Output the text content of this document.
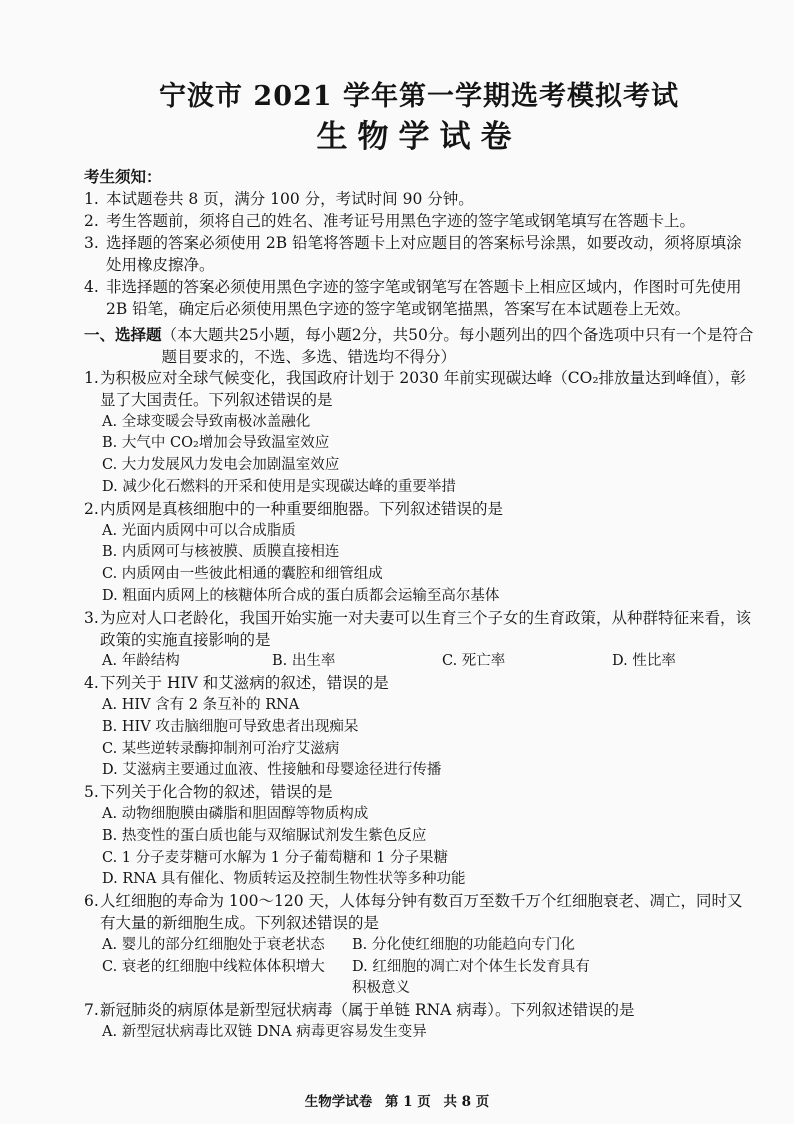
宁波市 2021 学年第一学期选考模拟考试
生物学试卷
考生须知：
1. 本试题卷共 8 页，满分 100 分，考试时间 90 分钟。
2. 考生答题前，须将自己的姓名、准考证号用黑色字迹的签字笔或钢笔填写在答题卡上。
3. 选择题的答案必须使用 2B 铅笔将答题卡上对应题目的答案标号涂黑，如要改动，须将原填涂处用橡皮擦净。
4. 非选择题的答案必须使用黑色字迹的签字笔或钢笔写在答题卡上相应区域内，作图时可先使用 2B 铅笔，确定后必须使用黑色字迹的签字笔或钢笔描黑，答案写在本试题卷上无效。
一、选择题 （本大题共25小题，每小题2分，共50分。每小题列出的四个备选项中只有一个是符合题目要求的，不选、多选、错选均不得分）
1. 为积极应对全球气候变化，我国政府计划于 2030 年前实现碳达峰（CO₂排放量达到峰值），彰显了大国责任。下列叙述错误的是
A. 全球变暖会导致南极冰盖融化
B. 大气中 CO₂增加会导致温室效应
C. 大力发展风力发电会加剧温室效应
D. 减少化石燃料的开采和使用是实现碳达峰的重要举措
2. 内质网是真核细胞中的一种重要细胞器。下列叙述错误的是
A. 光面内质网中可以合成脂质
B. 内质网可与核被膜、质膜直接相连
C. 内质网由一些彼此相通的囊腔和细管组成
D. 粗面内质网上的核糖体所合成的蛋白质都会运输至高尔基体
3. 为应对人口老龄化，我国开始实施一对夫妻可以生育三个子女的生育政策，从种群特征来看，该政策的实施直接影响的是
A. 年龄结构	B. 出生率	C. 死亡率	D. 性比率
4. 下列关于 HIV 和艾滋病的叙述，错误的是
A. HIV 含有 2 条互补的 RNA
B. HIV 攻击脑细胞可导致患者出现痴呆
C. 某些逆转录酶抑制剂可治疗艾滋病
D. 艾滋病主要通过血液、性接触和母婴途径进行传播
5. 下列关于化合物的叙述，错误的是
A. 动物细胞膜由磷脂和胆固醇等物质构成
B. 热变性的蛋白质也能与双缩脲试剂发生紫色反应
C. 1 分子麦芽糖可水解为 1 分子葡萄糖和 1 分子果糖
D. RNA 具有催化、物质转运及控制生物性状等多种功能
6. 人红细胞的寿命为 100～120 天，人体每分钟有数百万至数千万个红细胞衰老、凋亡，同时又有大量的新细胞生成。下列叙述错误的是
A. 婴儿的部分红细胞处于衰老状态	B. 分化使红细胞的功能趋向专门化
C. 衰老的红细胞中线粒体体积增大	D. 红细胞的凋亡对个体生长发育具有积极意义
7. 新冠肺炎的病原体是新型冠状病毒（属于单链 RNA 病毒）。下列叙述错误的是
A. 新型冠状病毒比双链 DNA 病毒更容易发生变异
生物学试卷 第 1 页 共 8 页
